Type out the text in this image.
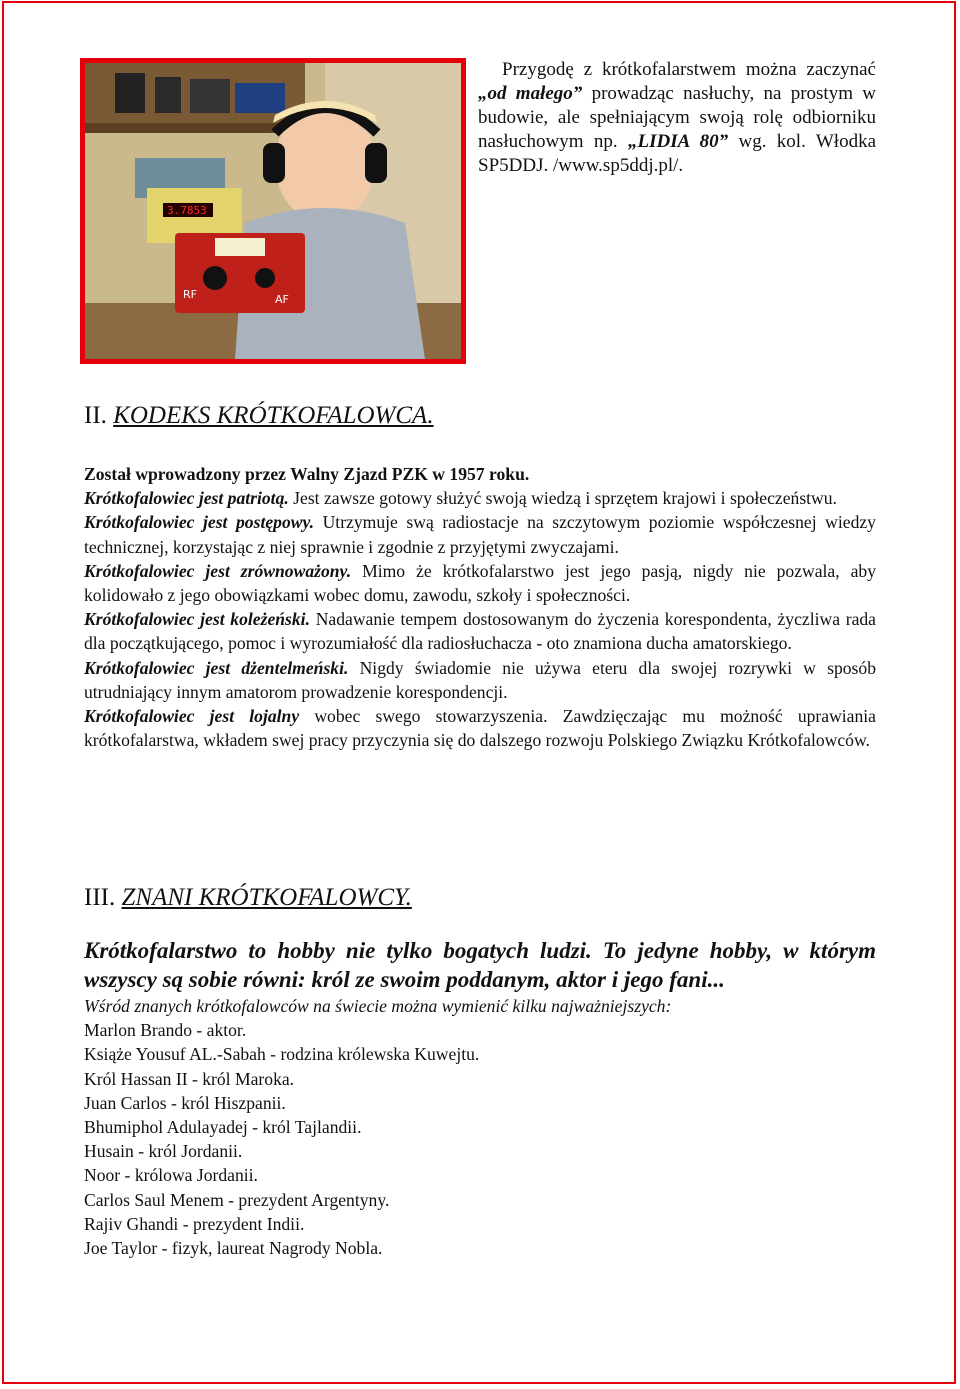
3.7853
RF	AF
Przygodę z krótkofalarstwem można zaczynać „od małego” prowadząc nasłuchy, na prostym w budowie, ale spełniającym swoją rolę odbiorniku nasłuchowym np. „LIDIA 80” wg. kol. Włodka SP5DDJ. /www.sp5ddj.pl/.
II. KODEKS KRÓTKOFALOWCA.

Został wprowadzony przez Walny Zjazd PZK w 1957 roku.

Krótkofalowiec jest patriotą. Jest zawsze gotowy służyć swoją wiedzą i sprzętem krajowi i społeczeństwu.

Krótkofalowiec jest postępowy. Utrzymuje swą radiostacje na szczytowym poziomie współczesnej wiedzy technicznej, korzystając z niej sprawnie i zgodnie z przyjętymi zwyczajami.

Krótkofalowiec jest zrównoważony. Mimo że krótkofalarstwo jest jego pasją, nigdy nie pozwala, aby kolidowało z jego obowiązkami wobec domu, zawodu, szkoły i społeczności.

Krótkofalowiec jest koleżeński. Nadawanie tempem dostosowanym do życzenia korespondenta, życzliwa rada dla początkującego, pomoc i wyrozumiałość dla radiosłuchacza - oto znamiona ducha amatorskiego.

Krótkofalowiec jest dżentelmeński. Nigdy świadomie nie używa eteru dla swojej rozrywki w sposób utrudniający innym amatorom prowadzenie korespondencji.

Krótkofalowiec jest lojalny wobec swego stowarzyszenia. Zawdzięczając mu możność uprawiania krótkofalarstwa, wkładem swej pracy przyczynia się do dalszego rozwoju Polskiego Związku Krótkofalowców.

III. ZNANI KRÓTKOFALOWCY.
Krótkofalarstwo to hobby nie tylko bogatych ludzi. To jedyne hobby, w którym wszyscy są sobie równi: król ze swoim poddanym, aktor i jego fani...

Wśród znanych krótkofalowców na świecie można wymienić kilku najważniejszych:

Marlon Brando - aktor.

Książe Yousuf AL.-Sabah - rodzina królewska Kuwejtu.

Król Hassan II - król Maroka.

Juan Carlos - król Hiszpanii.

Bhumiphol Adulayadej - król Tajlandii.

Husain - król Jordanii.

Noor - królowa Jordanii.

Carlos Saul Menem - prezydent Argentyny.

Rajiv Ghandi - prezydent Indii.

Joe Taylor - fizyk, laureat Nagrody Nobla.
